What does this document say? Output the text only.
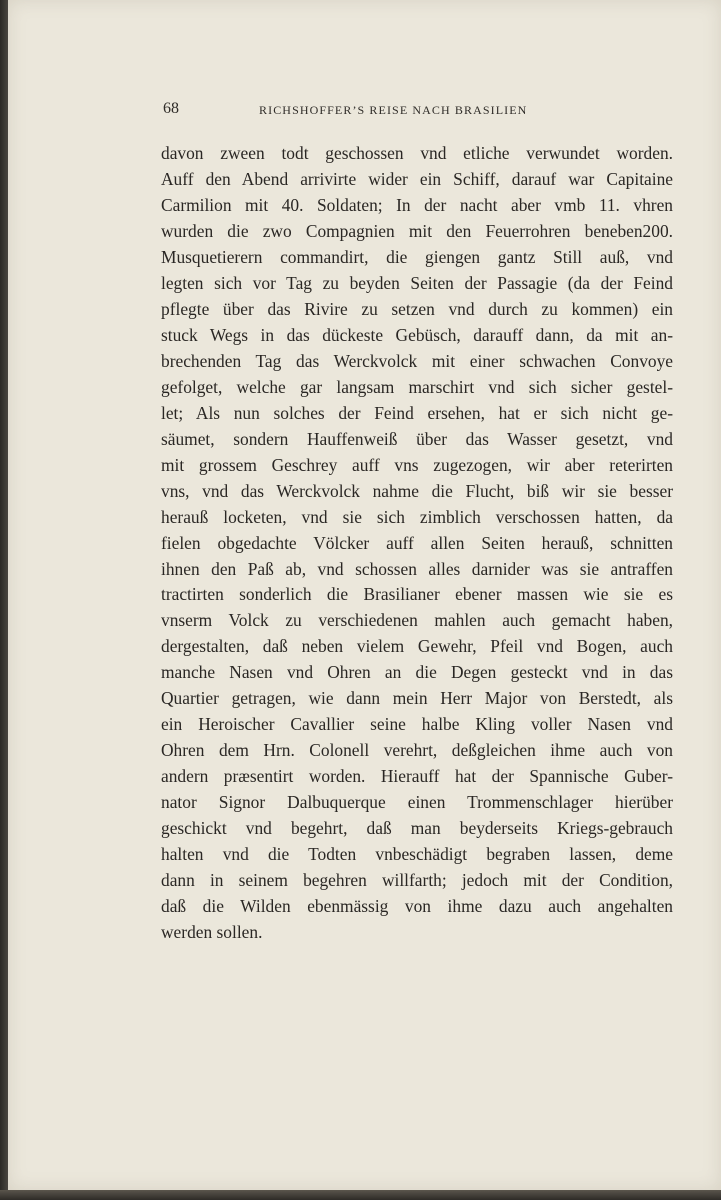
68	RICHSHOFFER’S REISE NACH BRASILIEN
davon zween todt geschossen vnd etliche verwundet worden.
Auff den Abend arrivirte wider ein Schiff, darauf war Capitaine
Carmilion mit 40. Soldaten; In der nacht aber vmb 11. vhren
wurden die zwo Compagnien mit den Feuerrohren beneben200.
Musquetierern commandirt, die giengen gantz Still auß, vnd
legten sich vor Tag zu beyden Seiten der Passagie (da der Feind
pflegte über das Rivire zu setzen vnd durch zu kommen) ein
stuck Wegs in das dückeste Gebüsch, darauff dann, da mit an-
brechenden Tag das Werckvolck mit einer schwachen Convoye
gefolget, welche gar langsam marschirt vnd sich sicher gestel-
let; Als nun solches der Feind ersehen, hat er sich nicht ge-
säumet, sondern Hauffenweiß über das Wasser gesetzt, vnd
mit grossem Geschrey auff vns zugezogen, wir aber reterirten
vns, vnd das Werckvolck nahme die Flucht, biß wir sie besser
herauß locketen, vnd sie sich zimblich verschossen hatten, da
fielen obgedachte Völcker auff allen Seiten herauß, schnitten
ihnen den Paß ab, vnd schossen alles darnider was sie antraffen
tractirten sonderlich die Brasilianer ebener massen wie sie es
vnserm Volck zu verschiedenen mahlen auch gemacht haben,
dergestalten, daß neben vielem Gewehr, Pfeil vnd Bogen, auch
manche Nasen vnd Ohren an die Degen gesteckt vnd in das
Quartier getragen, wie dann mein Herr Major von Berstedt, als
ein Heroischer Cavallier seine halbe Kling voller Nasen vnd
Ohren dem Hrn. Colonell verehrt, deßgleichen ihme auch von
andern præsentirt worden. Hierauff hat der Spannische Guber-
nator Signor Dalbuquerque einen Trommenschlager hierüber
geschickt vnd begehrt, daß man beyderseits Kriegs-gebrauch
halten vnd die Todten vnbeschädigt begraben lassen, deme
dann in seinem begehren willfarth; jedoch mit der Condition,
daß die Wilden ebenmässig von ihme dazu auch angehalten
werden sollen.
